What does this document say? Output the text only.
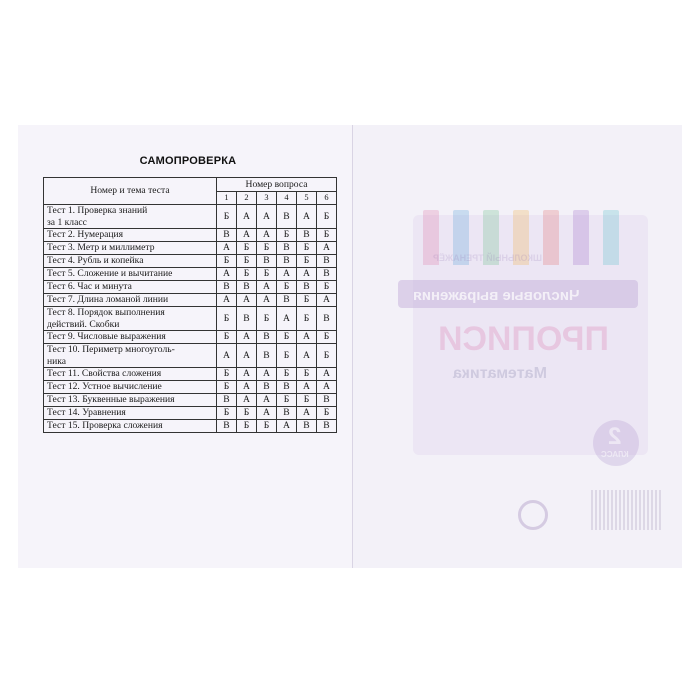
САМОПРОВЕРКА
Номер и тема теста	Номер вопроса					
	1	2	3	4	5	6
Тест 1. Проверка знаний
за 1 класс	Б	А	А	В	А	Б
Тест 2. Нумерация	В	А	А	Б	В	Б
Тест 3. Метр и миллиметр	А	Б	Б	В	Б	А
Тест 4. Рубль и копейка	Б	Б	В	В	Б	В
Тест 5. Сложение и вычитание	А	Б	Б	А	А	В
Тест 6. Час и минута	В	В	А	Б	В	Б
Тест 7. Длина ломаной линии	А	А	А	В	Б	А
Тест 8. Порядок выполнения
действий. Скобки	Б	В	Б	А	Б	В
Тест 9. Числовые выражения	Б	А	В	Б	А	Б
Тест 10. Периметр многоуголь-
ника	А	А	В	Б	А	Б
Тест 11. Свойства сложения	Б	А	А	Б	Б	А
Тест 12. Устное вычисление	Б	А	В	В	А	А
Тест 13. Буквенные выражения	В	А	А	Б	Б	В
Тест 14. Уравнения	Б	Б	А	В	А	Б
Тест 15. Проверка сложения	В	Б	Б	А	В	В
ШКОЛЬНЫЙ ТРЕНАЖЁР
Числовые выражения
ПРОПИСИ
Математика
2
КЛАСС
